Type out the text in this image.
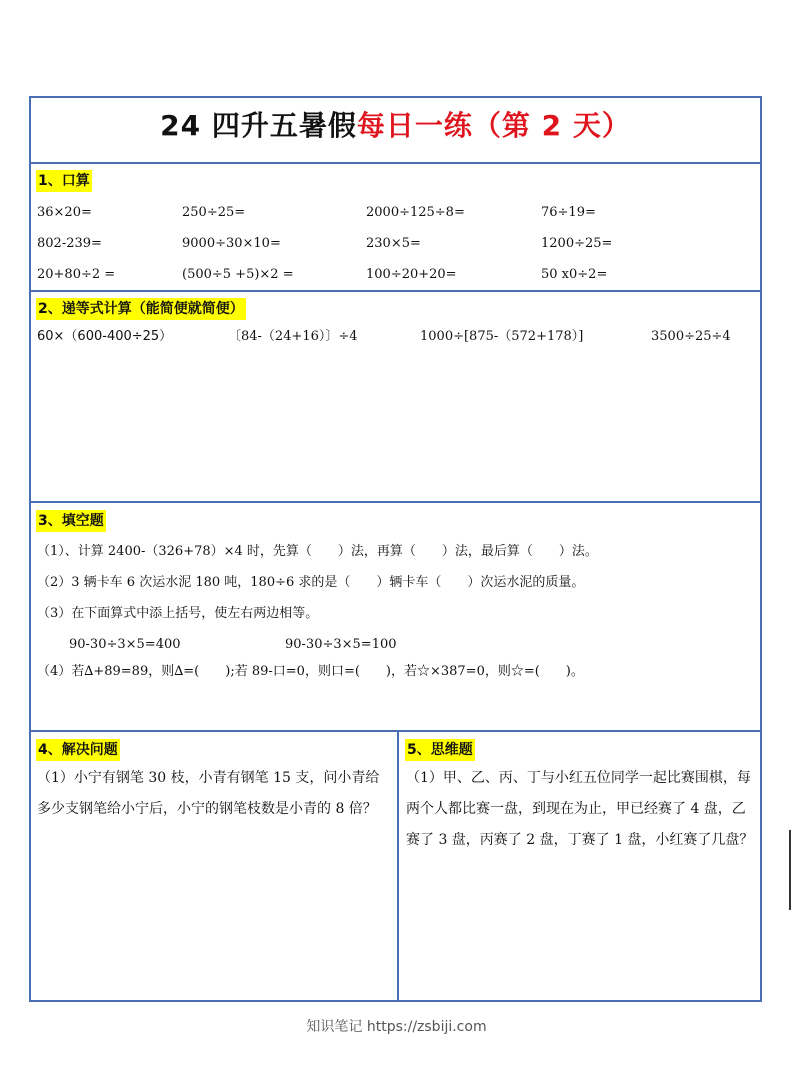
24 四升五暑假每日一练（第 2 天）
1、口算
36×20=	250÷25=	2000÷125÷8=	76÷19=
802-239=	9000÷30×10=	230×5=	1200÷25=
20+80÷2 =	(500÷5 +5)×2 =	100÷20+20=	50 x0÷2=
2、递等式计算（能简便就简便）
60×（600-400÷25）	〔84-（24+16）〕÷4	1000÷[875-（572+178）]	3500÷25÷4
3、填空题
（1）、计算 2400-（326+78）×4 时，先算（　　）法，再算（　　）法，最后算（　　）法。
（2）3 辆卡车 6 次运水泥 180 吨，180÷6 求的是（　　）辆卡车（　　）次运水泥的质量。
（3）在下面算式中添上括号，使左右两边相等。
90-30÷3×5=400	90-30÷3×5=100
（4）若∆+89=89，则∆=(　　);若 89-口=0，则口=(　　)，若☆×387=0，则☆=(　　)。
4、解决问题
（1）小宁有钢笔 30 枝，小青有钢笔 15 支，问小青给多少支钢笔给小宁后，小宁的钢笔枝数是小青的 8 倍？
5、思维题
（1）甲、乙、丙、丁与小红五位同学一起比赛围棋，每两个人都比赛一盘，到现在为止，甲已经赛了 4 盘，乙赛了 3 盘，丙赛了 2 盘，丁赛了 1 盘，小红赛了几盘？
知识笔记 https://zsbiji.com
